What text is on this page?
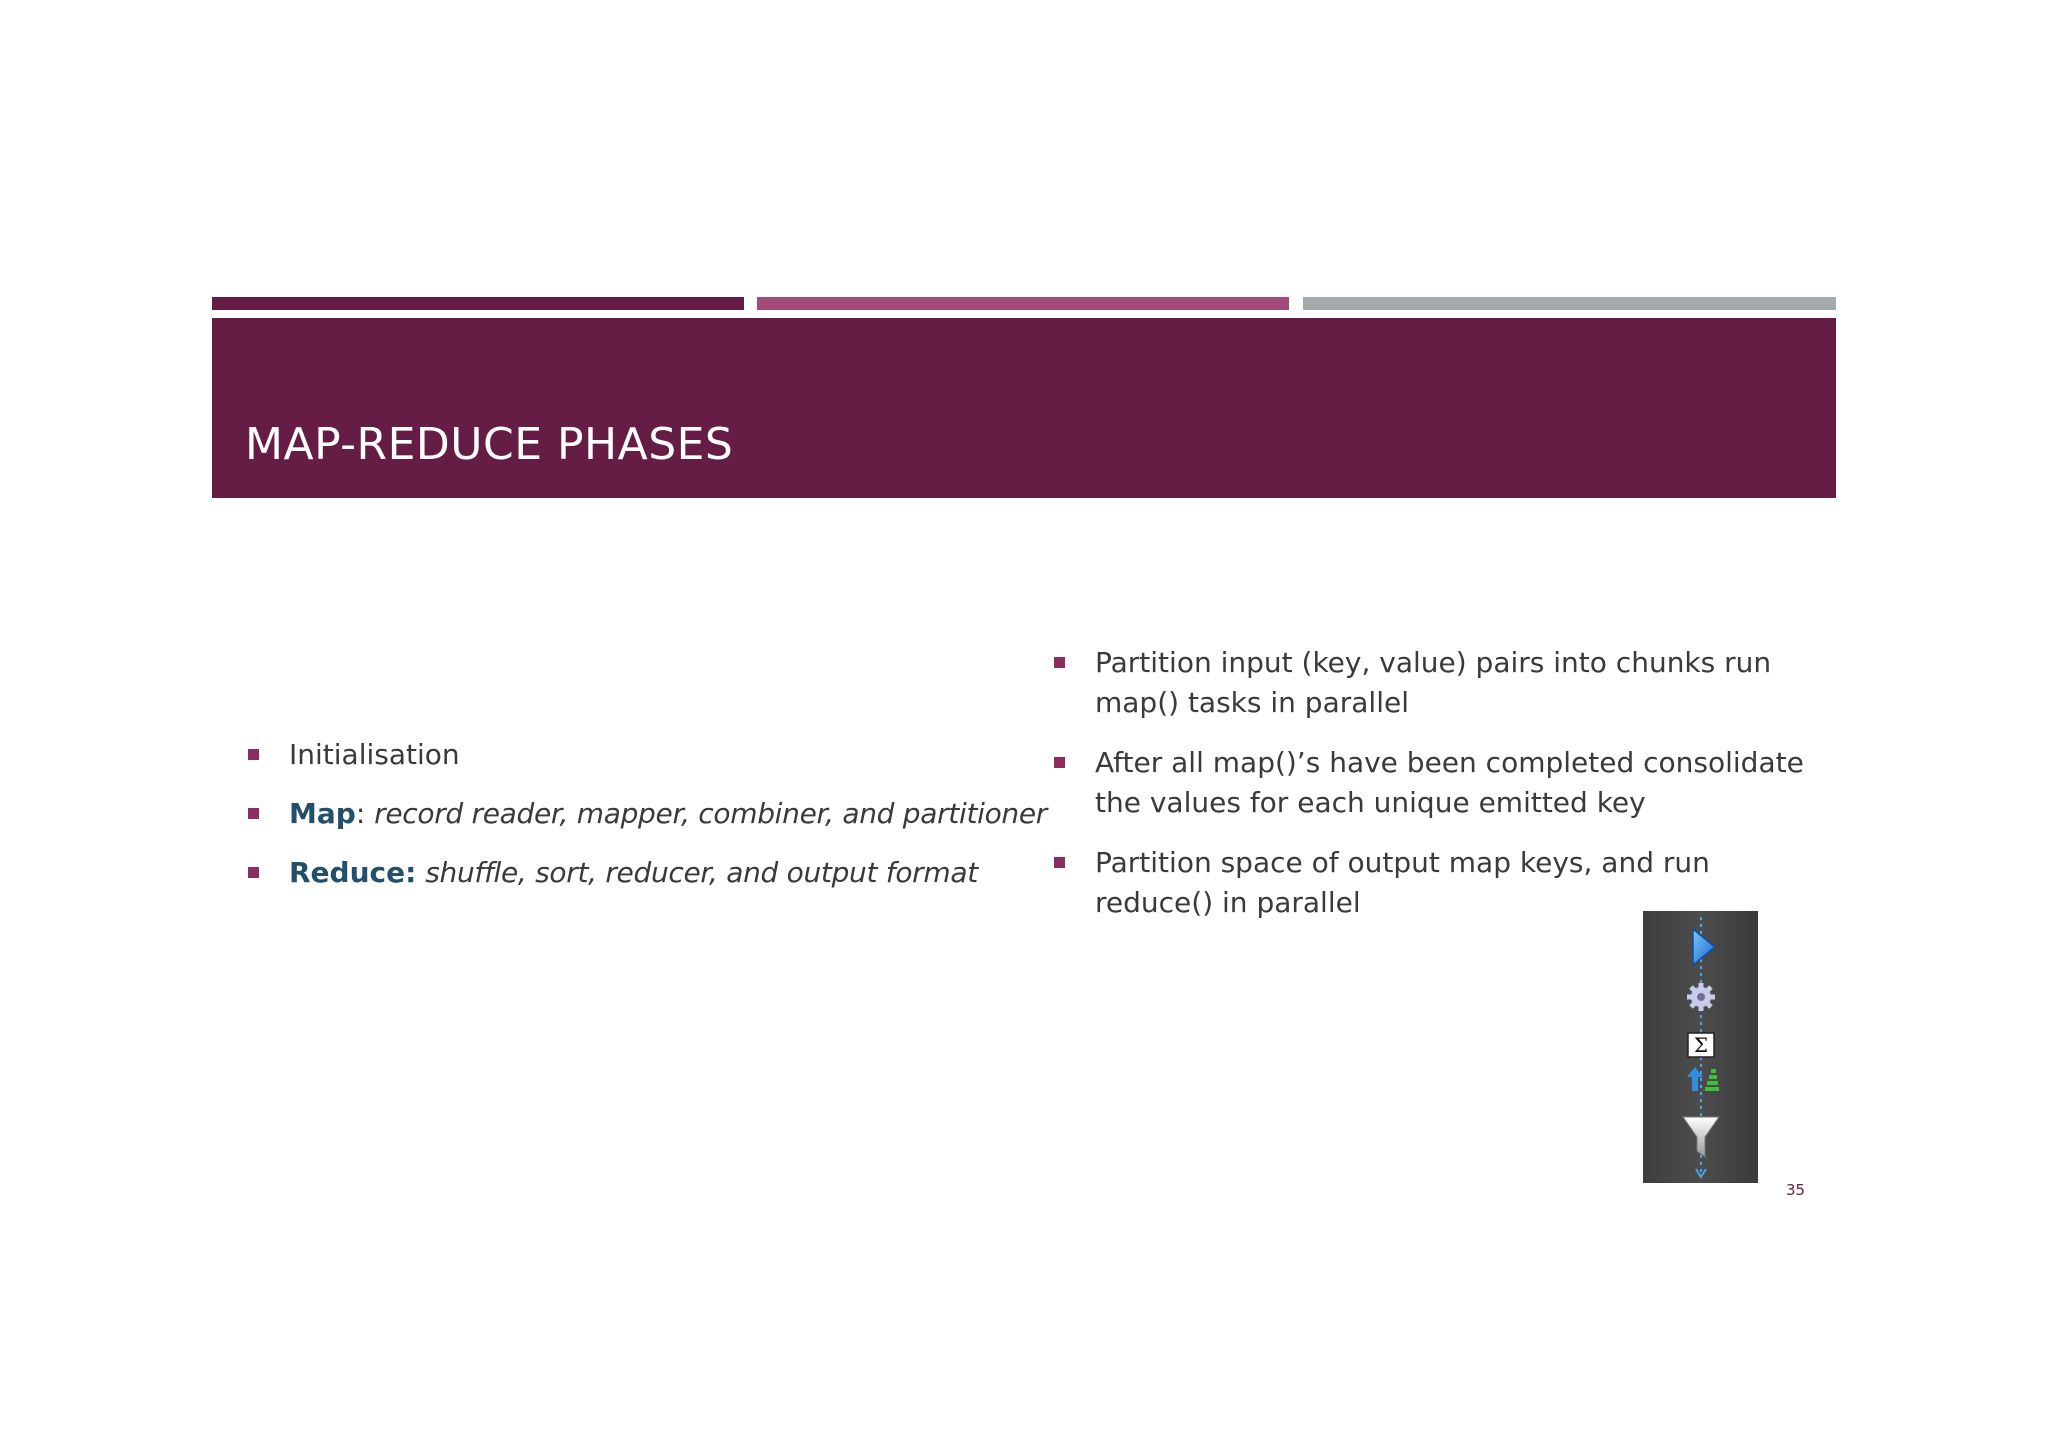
MAP-REDUCE PHASES
Initialisation
Map: record reader, mapper, combiner, and partitioner
Reduce: shuffle, sort, reducer, and output format
Partition input (key, value) pairs into chunks run map() tasks in parallel
After all map()’s have been completed consolidate the values for each unique emitted key
Partition space of output map keys, and run reduce() in parallel
Σ
35
